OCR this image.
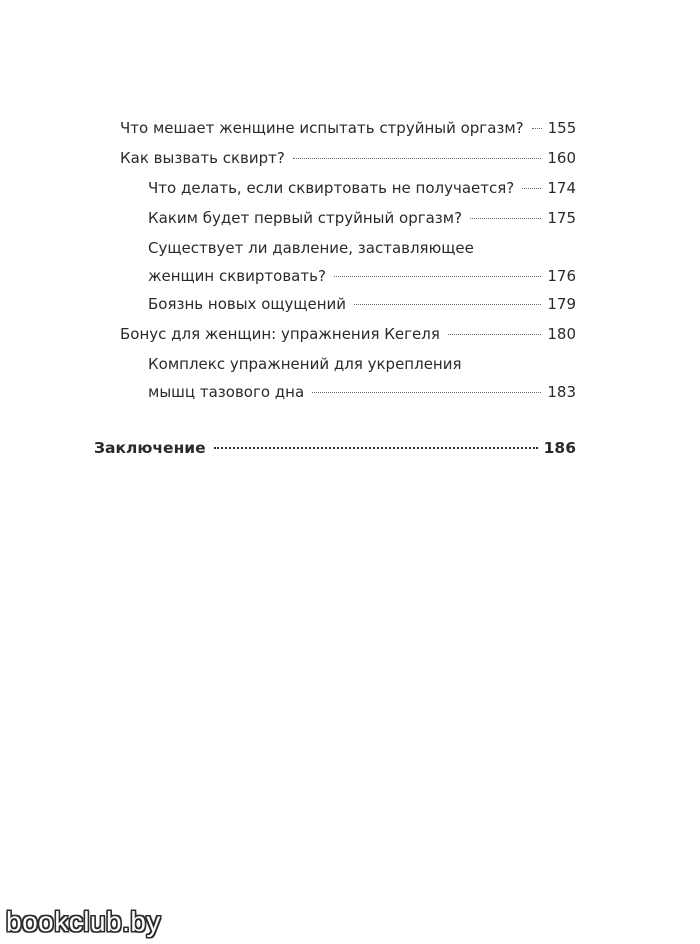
Что мешает женщине испытать струйный оргазм? 155
Как вызвать сквирт?	160
Что делать, если сквиртовать не получается? 174
Каким будет первый струйный оргазм?	175
Существует ли давление, заставляющее
женщин сквиртовать?	176
Боязнь новых ощущений	179
Бонус для женщин: упражнения Кегеля	180
Комплекс упражнений для укрепления
мышц тазового дна	183
Заключение	186
bookclub.by
